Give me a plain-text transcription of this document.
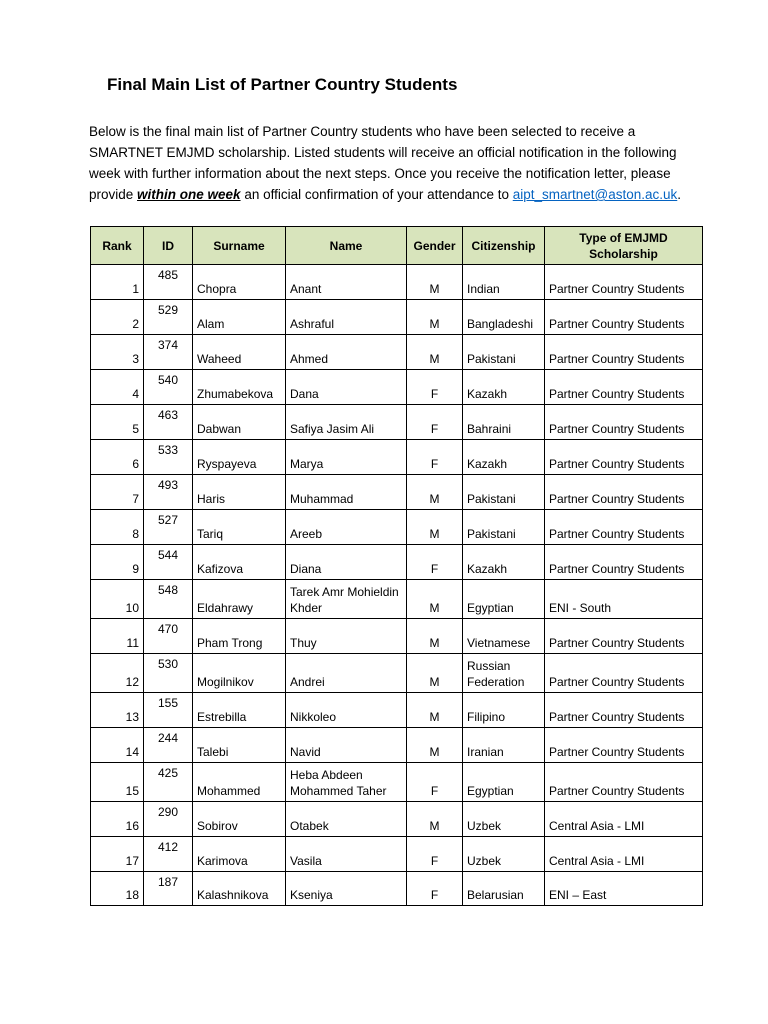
Final Main List of Partner Country Students

Below is the final main list of Partner Country students who have been selected to receive a SMARTNET EMJMD scholarship. Listed students will receive an official notification in the following week with further information about the next steps. Once you receive the notification letter, please provide within one week an official confirmation of your attendance to aipt_smartnet@aston.ac.uk.

Rank	ID	Surname	Name	Gender	Citizenship	Type of EMJMD Scholarship
1	485	Chopra	Anant	M	Indian	Partner Country Students
2	529	Alam	Ashraful	M	Bangladeshi	Partner Country Students
3	374	Waheed	Ahmed	M	Pakistani	Partner Country Students
4	540	Zhumabekova	Dana	F	Kazakh	Partner Country Students
5	463	Dabwan	Safiya Jasim Ali	F	Bahraini	Partner Country Students
6	533	Ryspayeva	Marya	F	Kazakh	Partner Country Students
7	493	Haris	Muhammad	M	Pakistani	Partner Country Students
8	527	Tariq	Areeb	M	Pakistani	Partner Country Students
9	544	Kafizova	Diana	F	Kazakh	Partner Country Students
10	548	Eldahrawy	Tarek Amr Mohieldin Khder	M	Egyptian	ENI - South
11	470	Pham Trong	Thuy	M	Vietnamese	Partner Country Students
12	530	Mogilnikov	Andrei	M	Russian Federation	Partner Country Students
13	155	Estrebilla	Nikkoleo	M	Filipino	Partner Country Students
14	244	Talebi	Navid	M	Iranian	Partner Country Students
15	425	Mohammed	Heba Abdeen Mohammed Taher	F	Egyptian	Partner Country Students
16	290	Sobirov	Otabek	M	Uzbek	Central Asia - LMI
17	412	Karimova	Vasila	F	Uzbek	Central Asia - LMI
18	187	Kalashnikova	Kseniya	F	Belarusian	ENI – East
